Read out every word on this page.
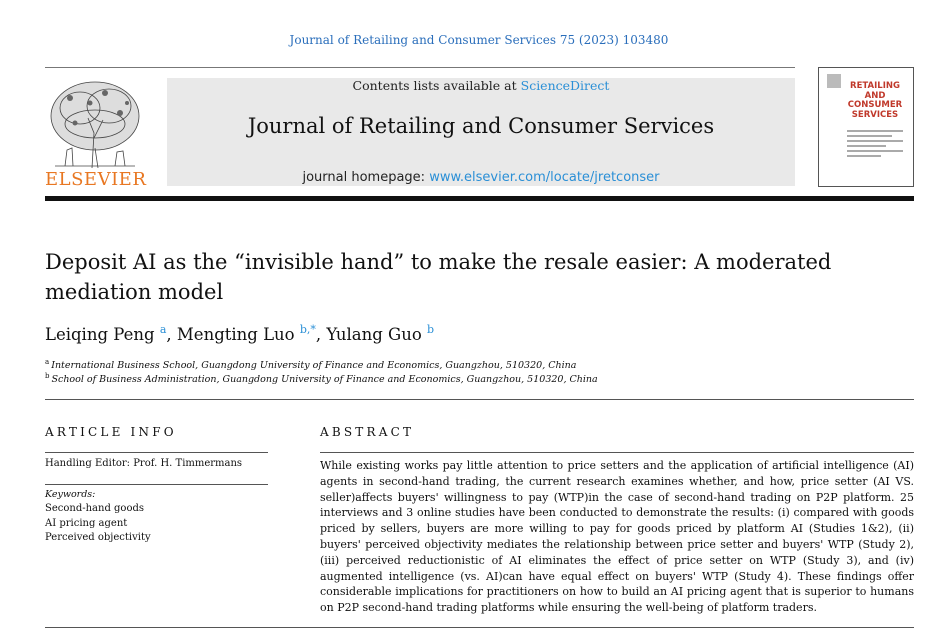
Journal of Retailing and Consumer Services 75 (2023) 103480
ELSEVIER
Contents lists available at ScienceDirect
Journal of Retailing and Consumer Services
journal homepage: www.elsevier.com/locate/jretconser
RETAILING
AND
CONSUMER
SERVICES
Deposit AI as the “invisible hand” to make the resale easier: A moderated mediation model
Leiqing Peng $^a$, Mengting Luo $^{b,*}$, Yulang Guo $^b$
$^a$ International Business School, Guangdong University of Finance and Economics, Guangzhou, 510320, China
$^b$ School of Business Administration, Guangdong University of Finance and Economics, Guangzhou, 510320, China
ARTICLE INFO	ABSTRACT
Handling Editor: Prof. H. Timmermans
Keywords:
Second-hand goods
AI pricing agent
Perceived objectivity
While existing works pay little attention to price setters and the application of artificial intelligence (AI) agents in second-hand trading, the current research examines whether, and how, price setter (AI VS. seller)affects buyers' willingness to pay (WTP)in the case of second-hand trading on P2P platform. 25 interviews and 3 online studies have been conducted to demonstrate the results: (i) compared with goods priced by sellers, buyers are more willing to pay for goods priced by platform AI (Studies 1&2), (ii) buyers' perceived objectivity mediates the relationship between price setter and buyers' WTP (Study 2), (iii) perceived reductionistic of AI eliminates the effect of price setter on WTP (Study 3), and (iv) augmented intelligence (vs. AI)can have equal effect on buyers' WTP (Study 4). These findings offer considerable implications for practitioners on how to build an AI pricing agent that is superior to humans on P2P second-hand trading platforms while ensuring the well-being of platform traders.
